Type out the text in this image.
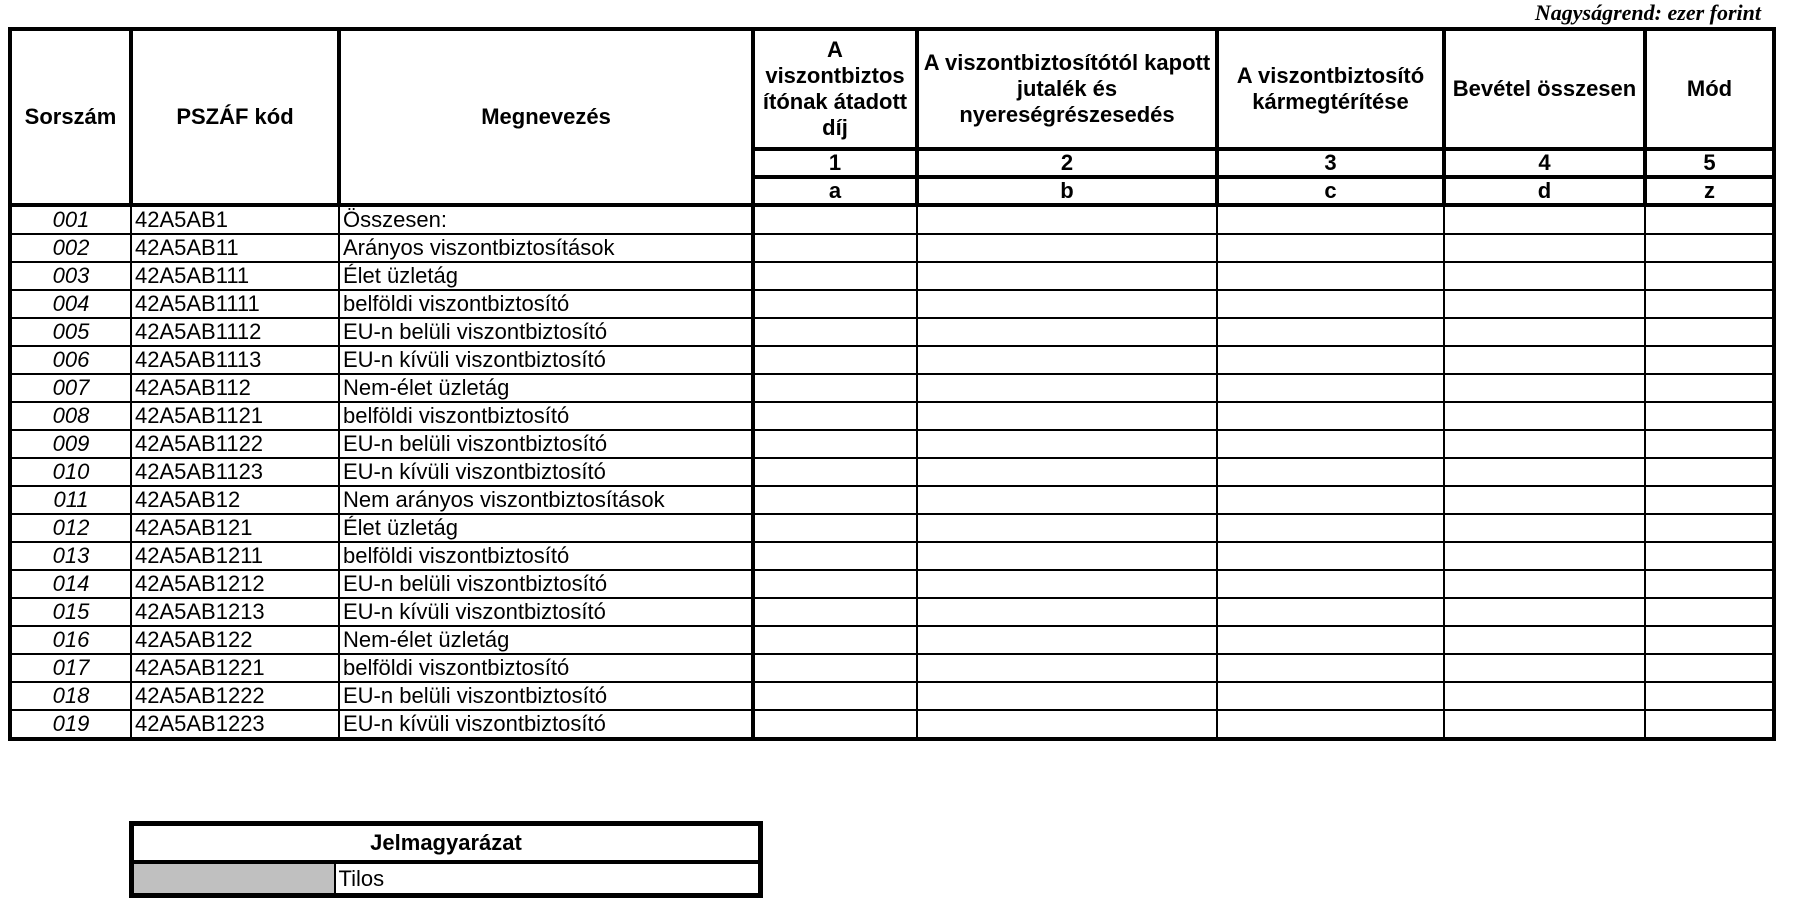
Nagyságrend: ezer forint
Sorszám	PSZÁF kód	Megnevezés	A viszontbiztos ítónak átadott díj	A viszontbiztosítótól kapott jutalék és nyereségrészesedés	A viszontbiztosító kármegtérítése	Bevétel összesen	Mód
			1	2	3	4	5
			a	b	c	d	z
001	42A5AB1	Összesen:					
002	42A5AB11	Arányos viszontbiztosítások					
003	42A5AB111	Élet üzletág					
004	42A5AB1111	belföldi viszontbiztosító					
005	42A5AB1112	EU-n belüli viszontbiztosító					
006	42A5AB1113	EU-n kívüli viszontbiztosító					
007	42A5AB112	Nem-élet üzletág					
008	42A5AB1121	belföldi viszontbiztosító					
009	42A5AB1122	EU-n belüli viszontbiztosító					
010	42A5AB1123	EU-n kívüli viszontbiztosító					
011	42A5AB12	Nem arányos viszontbiztosítások					
012	42A5AB121	Élet üzletág					
013	42A5AB1211	belföldi viszontbiztosító					
014	42A5AB1212	EU-n belüli viszontbiztosító					
015	42A5AB1213	EU-n kívüli viszontbiztosító					
016	42A5AB122	Nem-élet üzletág					
017	42A5AB1221	belföldi viszontbiztosító					
018	42A5AB1222	EU-n belüli viszontbiztosító					
019	42A5AB1223	EU-n kívüli viszontbiztosító					
Jelmagyarázat
	Tilos
